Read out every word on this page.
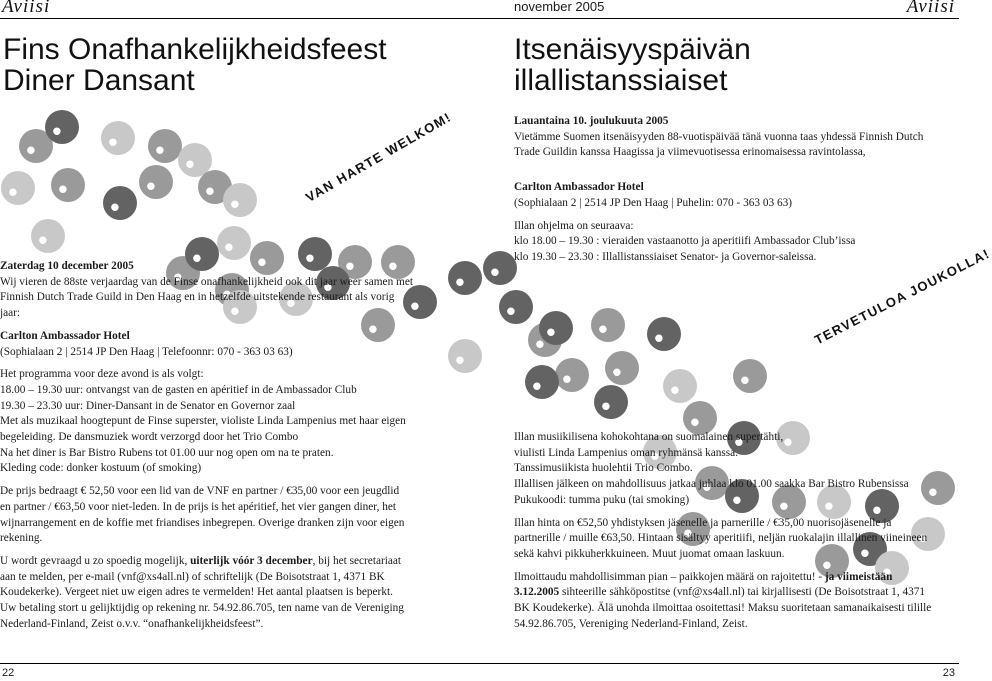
Aviisi	november 2005	Aviisi
Fins Onafhankelijkheidsfeest
Diner Dansant
VAN HARTE WELKOM!

Zaterdag 10 december 2005

Wij vieren de 88ste verjaardag van de Finse onafhankelijkheid ook dit jaar weer samen met

Finnish Dutch Trade Guild in Den Haag en in hetzelfde uitstekende restaurant als vorig

jaar:

Carlton Ambassador Hotel

(Sophialaan 2 | 2514 JP Den Haag | Telefoonnr: 070 - 363 03 63)

Het programma voor deze avond is als volgt:

18.00 – 19.30 uur: ontvangst van de gasten en apéritief in de Ambassador Club

19.30 – 23.30 uur: Diner-Dansant in de Senator en Governor zaal

Met als muzikaal hoogtepunt de Finse superster, violiste Linda Lampenius met haar eigen

begeleiding. De dansmuziek wordt verzorgd door het Trio Combo

Na het diner is Bar Bistro Rubens tot 01.00 uur nog open om na te praten.

Kleding code: donker kostuum (of smoking)

De prijs bedraagt € 52,50 voor een lid van de VNF en partner / €35,00 voor een jeugdlid

en partner / €63,50 voor niet-leden. In de prijs is het apéritief, het vier gangen diner, het

wijnarrangement en de koffie met friandises inbegrepen. Overige dranken zijn voor eigen

rekening.

U wordt gevraagd u zo spoedig mogelijk, uiterlijk vóór 3 december, bij het secretariaat

aan te melden, per e-mail (vnf@xs4all.nl) of schriftelijk (De Boisotstraat 1, 4371 BK

Koudekerke). Vergeet niet uw eigen adres te vermelden! Het aantal plaatsen is beperkt.

Uw betaling stort u gelijktijdig op rekening nr. 54.92.86.705, ten name van de Vereniging

Nederland-Finland, Zeist o.v.v. “onafhankelijkheidsfeest”.

Itsenäisyyspäivän
illallistanssiaiset

Lauantaina 10. joulukuuta 2005

Vietämme Suomen itsenäisyyden 88-vuotispäivää tänä vuonna taas yhdessä Finnish Dutch

Trade Guildin kanssa Haagissa ja viimevuotisessa erinomaisessa ravintolassa,

Carlton Ambassador Hotel

(Sophialaan 2 | 2514 JP Den Haag | Puhelin: 070 - 363 03 63)

Illan ohjelma on seuraava:

klo 18.00 – 19.30 : vieraiden vastaanotto ja aperitiifi Ambassador Club’issa

klo 19.30 – 23.30 : Illallistanssiaiset Senator- ja Governor-saleissa.

TERVETULOA JOUKOLLA!

Illan musiikilisena kohokohtana on suomalainen supertähti,

viulisti Linda Lampenius oman ryhmänsä kanssa.

Tanssimusiikista huolehtii Trio Combo.

Illallisen jälkeen on mahdollisuus jatkaa juhlaa klo 01.00 saakka Bar Bistro Rubensissa

Pukukoodi: tumma puku (tai smoking)

Illan hinta on €52,50 yhdistyksen jäsenelle ja parnerille / €35,00 nuorisojäsenelle ja

partnerille / muille €63,50. Hintaan sisältyy aperitiifi, neljän ruokalajin illallinen viineineen

sekä kahvi pikkuherkkuineen. Muut juomat omaan laskuun.

Ilmoittaudu mahdollisimman pian – paikkojen määrä on rajoitettu! - ja viimeistään

3.12.2005 sihteerille sähköpostitse (vnf@xs4all.nl) tai kirjallisesti (De Boisotstraat 1, 4371

BK Koudekerke). Älä unohda ilmoittaa osoitettasi! Maksu suoritetaan samanaikaisesti tilille

54.92.86.705, Vereniging Nederland-Finland, Zeist.

22	23
